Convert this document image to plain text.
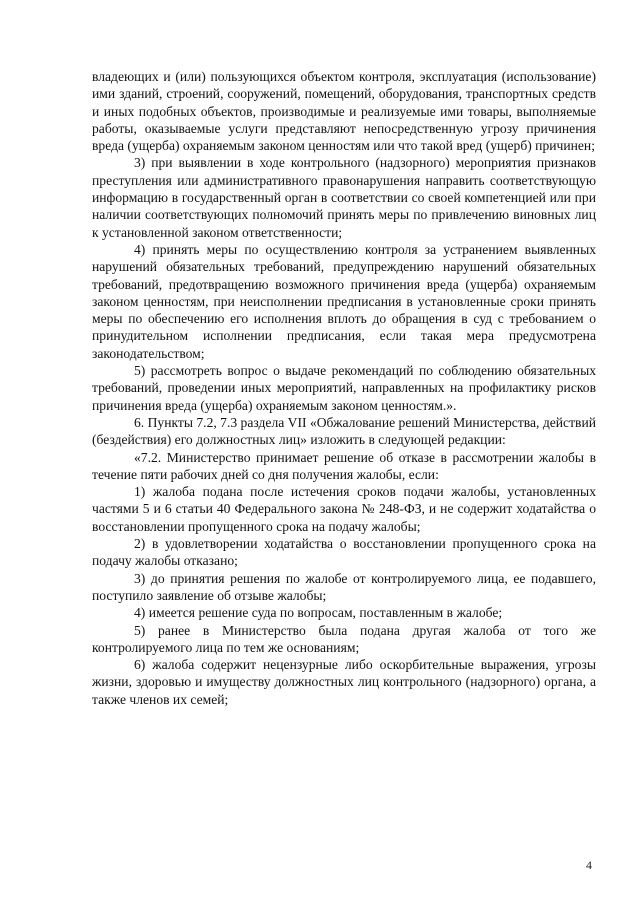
владеющих и (или) пользующихся объектом контроля, эксплуатация (использование) ими зданий, строений, сооружений, помещений, оборудования, транспортных средств и иных подобных объектов, производимые и реализуемые ими товары, выполняемые работы, оказываемые услуги представляют непосредственную угрозу причинения вреда (ущерба) охраняемым законом ценностям или что такой вред (ущерб) причинен;

3) при выявлении в ходе контрольного (надзорного) мероприятия признаков преступления или административного правонарушения направить соответствующую информацию в государственный орган в соответствии со своей компетенцией или при наличии соответствующих полномочий принять меры по привлечению виновных лиц к установленной законом ответственности;

4) принять меры по осуществлению контроля за устранением выявленных нарушений обязательных требований, предупреждению нарушений обязательных требований, предотвращению возможного причинения вреда (ущерба) охраняемым законом ценностям, при неисполнении предписания в установленные сроки принять меры по обеспечению его исполнения вплоть до обращения в суд с требованием о принудительном исполнении предписания, если такая мера предусмотрена законодательством;

5) рассмотреть вопрос о выдаче рекомендаций по соблюдению обязательных требований, проведении иных мероприятий, направленных на профилактику рисков причинения вреда (ущерба) охраняемым законом ценностям.».

6. Пункты 7.2, 7.3 раздела VII «Обжалование решений Министерства, действий (бездействия) его должностных лиц» изложить в следующей редакции:

«7.2. Министерство принимает решение об отказе в рассмотрении жалобы в течение пяти рабочих дней со дня получения жалобы, если:

1) жалоба подана после истечения сроков подачи жалобы, установленных частями 5 и 6 статьи 40 Федерального закона № 248-ФЗ, и не содержит ходатайства о восстановлении пропущенного срока на подачу жалобы;

2) в удовлетворении ходатайства о восстановлении пропущенного срока на подачу жалобы отказано;

3) до принятия решения по жалобе от контролируемого лица, ее подавшего, поступило заявление об отзыве жалобы;

4) имеется решение суда по вопросам, поставленным в жалобе;

5) ранее в Министерство была подана другая жалоба от того же контролируемого лица по тем же основаниям;

6) жалоба содержит нецензурные либо оскорбительные выражения, угрозы жизни, здоровью и имуществу должностных лиц контрольного (надзорного) органа, а также членов их семей;

4
